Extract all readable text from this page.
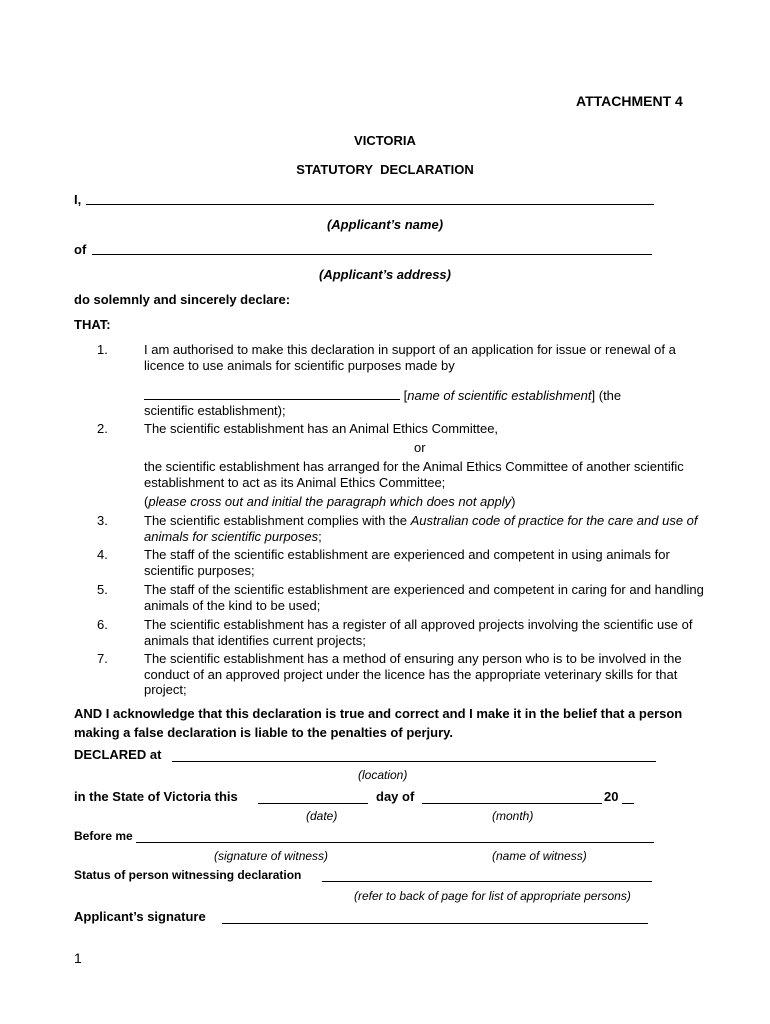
ATTACHMENT 4
VICTORIA
STATUTORY  DECLARATION
I,
(Applicant’s name)
of
(Applicant’s address)
do solemnly and sincerely declare:
THAT:
1.	I am authorised to make this declaration in support of an application for issue or renewal of a licence to use animals for scientific purposes made by
[name of scientific establishment] (the
scientific establishment);
2.	The scientific establishment has an Animal Ethics Committee,
or
the scientific establishment has arranged for the Animal Ethics Committee of another scientific establishment to act as its Animal Ethics Committee;
(please cross out and initial the paragraph which does not apply)
3.	The scientific establishment complies with the Australian code of practice for the care and use of animals for scientific purposes;
4.	The staff of the scientific establishment are experienced and competent in using animals for scientific purposes;
5.	The staff of the scientific establishment are experienced and competent in caring for and handling animals of the kind to be used;
6.	The scientific establishment has a register of all approved projects involving the scientific use of animals that identifies current projects;
7.	The scientific establishment has a method of ensuring any person who is to be involved in the conduct of an approved project under the licence has the appropriate veterinary skills for that project;
AND I acknowledge that this declaration is true and correct and I make it in the belief that a person making a false declaration is liable to the penalties of perjury.
DECLARED at
(location)
in the State of Victoria this	day of	20
(date)	(month)
Before me
(signature of witness)	(name of witness)
Status of person witnessing declaration
(refer to back of page for list of appropriate persons)
Applicant’s signature
1
